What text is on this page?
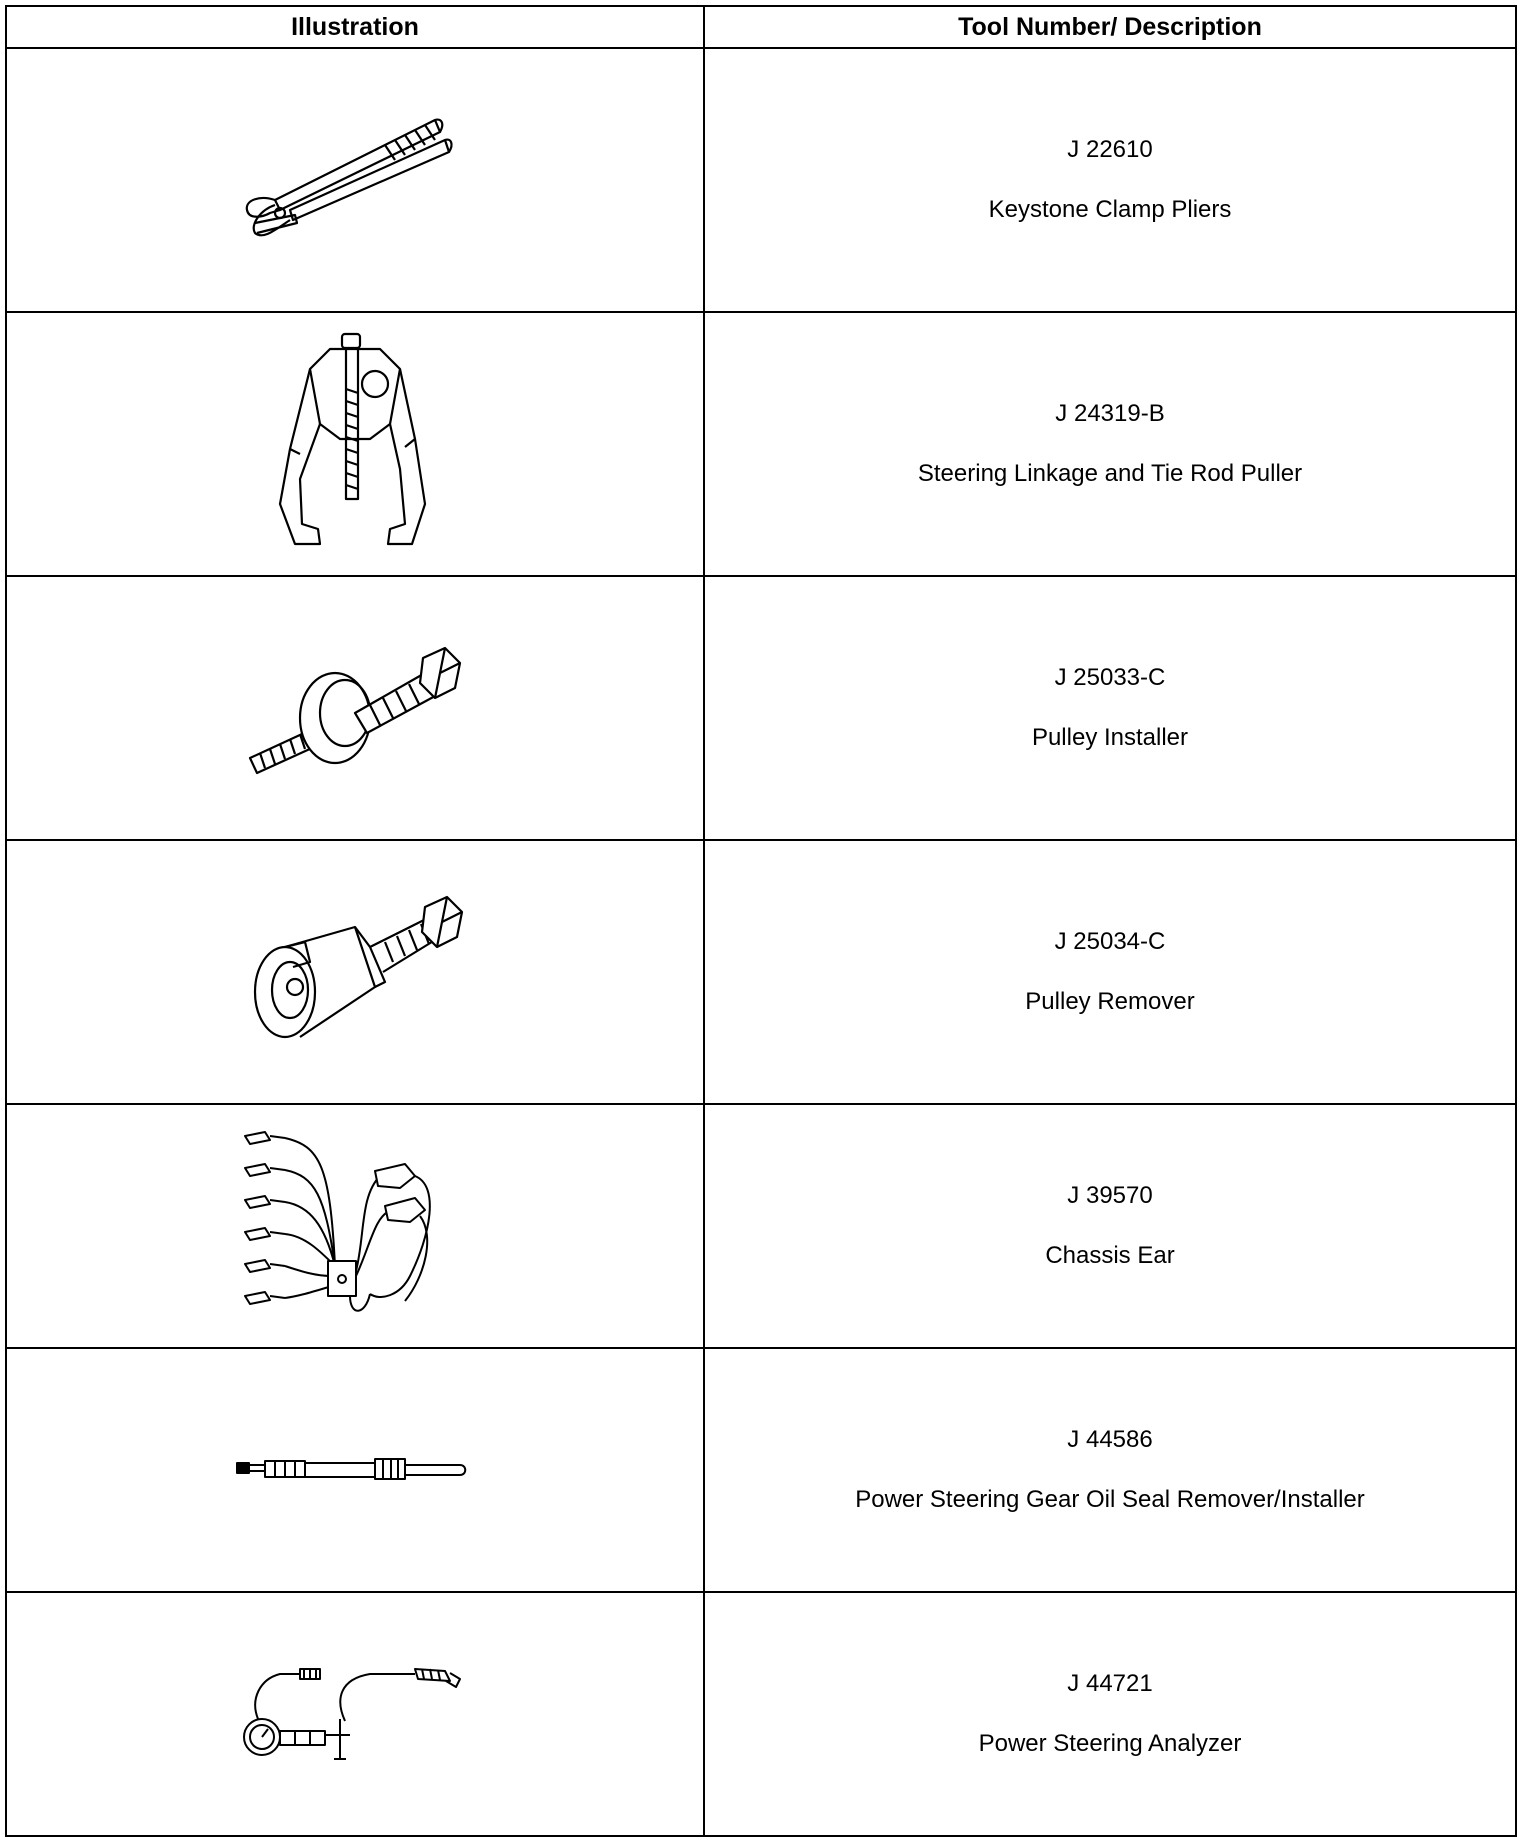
Illustration	Tool Number/ Description

J 22610
Keystone Clamp Pliers

J 24319-B
Steering Linkage and Tie Rod Puller

J 25033-C
Pulley Installer

J 25034-C
Pulley Remover

J 39570
Chassis Ear

J 44586
Power Steering Gear Oil Seal Remover/Installer

J 44721
Power Steering Analyzer
